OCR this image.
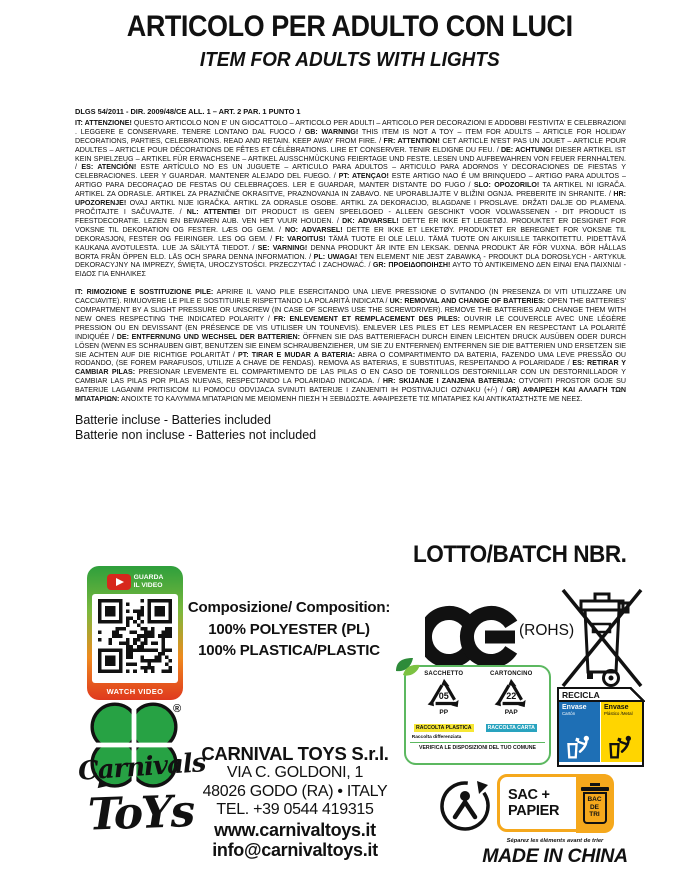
ARTICOLO PER ADULTO CON LUCI
ITEM FOR ADULTS WITH LIGHTS
DLGS 54/2011 - DIR. 2009/48/CE ALL. 1 – ART. 2 PAR. 1 PUNTO 1

IT: ATTENZIONE! QUESTO ARTICOLO NON E' UN GIOCATTOLO – ARTICOLO PER ADULTI – ARTICOLO PER DECORAZIONI E ADDOBBI FESTIVITA' E CELEBRAZIONI . LEGGERE E CONSERVARE. TENERE LONTANO DAL FUOCO / GB: WARNING! THIS ITEM IS NOT A TOY – ITEM FOR ADULTS – ARTICLE FOR HOLIDAY DECORATIONS, PARTIES, CELEBRATIONS. READ AND RETAIN. KEEP AWAY FROM FIRE. / FR: ATTENTION! CET ARTICLE N'EST PAS UN JOUET – ARTICLE POUR ADULTES – ARTICLE POUR DÉCORATIONS DE FÊTES ET CÉLÈBRATIONS. LIRE ET CONSERVER. TENIR ELDIGNE DU FEU. / DE: ACHTUNG! DIESER ARTIKEL IST KEIN SPIELZEUG – ARTIKEL FÜR ERWACHSENE – ARTIKEL AUSSCHMÜCKUNG FEIERTAGE UND FESTE. LESEN UND AUFBEWAHREN VON FEUER FERNHALTEN. / ES: ATENCIÓN! ESTE ARTÍCULO NO ES UN JUGUETE – ARTICULO PARA ADULTOS – ARTICULO PARA ADORNOS Y DECORACIONES DE FIESTAS Y CELEBRACIONES. LEER Y GUARDAR. MANTENER ALEJADO DEL FUEGO. / PT: ATENÇAO! ESTE ARTIGO NAO É UM BRINQUEDO – ARTIGO PARA ADULTOS – ARTIGO PARA DECORAÇAO DE FESTAS OU CELEBRAÇOES. LER E GUARDAR, MANTER DISTANTE DO FUGO / SLO: OPOZORILO! TA ARTIKEL NI IGRAČA. ARTIKEL ZA ODRASLE. ARTIKEL ZA PRAZNIČNE OKRASITVE, PRAZNOVANJA IN ZABAVO. NE UPORABLJAJTE V BLIŽINI OGNJA. PREBERITE IN SHRANITE. / HR: UPOZORENJE! OVAJ ARTIKL NIJE IGRAČKA. ARTIKL ZA ODRASLE OSOBE. ARTIKL ZA DEKORACIJO, BLAGDANE I PROSLAVE. DRŽATI DALJE OD PLAMENA. PROČITAJTE I SAČUVAJTE. / NL: ATTENTIE! DIT PRODUCT IS GEEN SPEELGOED - ALLEEN GESCHIKT VOOR VOLWASSENEN - DIT PRODUCT IS FEESTDECORATIE. LEZEN EN BEWAREN AUB. VEN HET VUUR HOUDEN. / DK: ADVARSEL! DETTE ER IKKE ET LEGETØJ. PRODUKTET ER DESIGNET FOR VOKSNE TIL DEKORATION OG FESTER. LÆS OG GEM. / NO: ADVARSEL! DETTE ER IKKE ET LEKETØY. PRODUKTET ER BEREGNET FOR VOKSNE TIL DEKORASJON, FESTER OG FEIRINGER. LES OG GEM. / FI: VAROITUS! TÄMÄ TUOTE EI OLE LELU. TÄMÄ TUOTE ON AIKUISILLE TARKOITETTU. PIDETTÄVÄ KAUKANA AVOTULESTA. LUE JA SÄILYTÄ TIEDOT. / SE: VARNING! DENNA PRODUKT ÄR INTE EN LEKSAK. DENNA PRODUKT ÄR FÖR VUXNA. BÖR HÅLLAS BORTA FRÅN ÖPPEN ELD. LÄS OCH SPARA DENNA INFORMATION. / PL: UWAGA! TEN ELEMENT NIE JEST ZABAWKĄ - PRODUKT DLA DOROSŁYCH - ARTYKUŁ DEKORACYJNY NA IMPREZY, ŚWIĘTA, UROCZYSTOŚCI. PRZECZYTAĆ I ZACHOWAĆ. / GR: ΠΡΟΕΙΔΟΠΟΙΗΣΗ! ΑΥΤΟ ΤΟ ΑΝΤΙΚΕΙΜΕΝΟ ΔΕΝ ΕΙΝΑΙ ΕΝΑ ΠΑΙΧΝΙΔΙ - ΕΙΔΟΣ ΓΙΑ ΕΝΗΛΙΚΕΣ

IT: RIMOZIONE E SOSTITUZIONE PILE: APRIRE IL VANO PILE ESERCITANDO UNA LIEVE PRESSIONE O SVITANDO (IN PRESENZA DI VITI UTILIZZARE UN CACCIAVITE). RIMUOVERE LE PILE E SOSTITUIRLE RISPETTANDO LA POLARITÀ INDICATA / UK: REMOVAL AND CHANGE OF BATTERIES: OPEN THE BATTERIES' COMPARTMENT BY A SLIGHT PRESSURE OR UNSCREW (IN CASE OF SCREWS USE THE SCREWDRIVER). REMOVE THE BATTERIES AND CHANGE THEM WITH NEW ONES RESPECTING THE INDICATED POLARITY / FR: ENLEVEMENT ET REMPLACEMENT DES PILES: OUVRIR LE COUVERCLE AVEC UNE LÉGÈRE PRESSION OU EN DEVISSANT (EN PRÉSENCE DE VIS UTILISER UN TOUNEVIS). ENLEVER LES PILES ET LES REMPLACER EN RESPECTANT LA POLARITÉ INDIQUÉE / DE: ENTFERNUNG UND WECHSEL DER BATTERIEN: ÖFFNEN SIE DAS BATTERIEFACH DURCH EINEN LEICHTEN DRUCK AUSÜBEN ODER DURCH LÖSEN (WENN ES SCHRAUBEN GIBT, BENUTZEN SIE EINEM SCHRAUBENZIEHER, UM SIE ZU ENTFERNEN) ENTFERNEN SIE DIE BATTERIEN UND ERSETZEN SIE SIE ACHTEN AUF DIE RICHTIGE POLARITÄT / PT: TIRAR E MUDAR A BATERIA: ABRA O COMPARTIMENTO DA BATERIA, FAZENDO UMA LEVE PRESSÃO OU RODANDO, (SE FOREM PARAFUSOS, UTILIZE A CHAVE DE FENDAS). REMOVA AS BATERIAS, E SUBSTITUAS, RESPEITANDO A POLARIDADE / ES: RETIRAR Y CAMBIAR PILAS: PRESIONAR LEVEMENTE EL COMPARTIMENTO DE LAS PILAS O EN CASO DE TORNILLOS DESTORNILLAR CON UN DESTORNILLADOR Y CAMBIAR LAS PILAS POR PILAS NUEVAS, RESPECTANDO LA POLARIDAD INDICADA. / HR: SKIJANJE I ZANJENA BATERIJA: OTVORITI PROSTOR GOJE SU BATERIJE LAGANIM PRITISICOM ILI POMOCU ODVIJACA SVINUTI BATERIJE I ZANJENITI IH POSTIVAJUCI OZNAKU (+/-) / GR) ΑΦΑΙΡΕΣΗ ΚΑΙ ΑΛΛΑΓΗ ΤΩΝ ΜΠΑΤΑΡΙΩΝ: ΑΝΟΙΧΤΕ ΤΟ ΚΑΛΥΜΜΑ ΜΠΑΤΑΡΙΩΝ ΜΕ ΜΕΙΩΜΕΝΗ ΠΙΕΣΗ Ή ΞΕΒΙΔΩΣΤΕ. ΑΦΑΙΡΕΣΕΤΕ ΤΙΣ ΜΠΑΤΑΡΙΕΣ ΚΑΙ ΑΝΤΙΚΑΤΑΣΤΗΣΤΕ ΜΕ ΝΕΕΣ.

Batterie incluse - Batteries included
Batterie non incluse - Batteries not included
LOTTO/BATCH NBR.
GUARDA
IL VIDEO
WATCH VIDEO
Composizione/ Composition:
100% POLYESTER (PL)
100% PLASTICA/PLASTIC
(ROHS)
SACCHETTO
05
PP
RACCOLTA PLASTICA
Raccolta differenziata
CARTONCINO
22
PAP
RACCOLTA CARTA
VERIFICA LE DISPOSIZIONI DEL TUO COMUNE
RECICLA
Envase
Cartón
Envase
Plástico /Metal
®
Carnivals
ToYs
CARNIVAL TOYS S.r.l.
VIA C. GOLDONI, 1
48026 GODO (RA) • ITALY
TEL. +39 0544 419315
www.carnivaltoys.it
info@carnivaltoys.it
SAC +
PAPIER
BAC
DE
TRI
Séparez les éléments avant de trier
MADE IN CHINA
